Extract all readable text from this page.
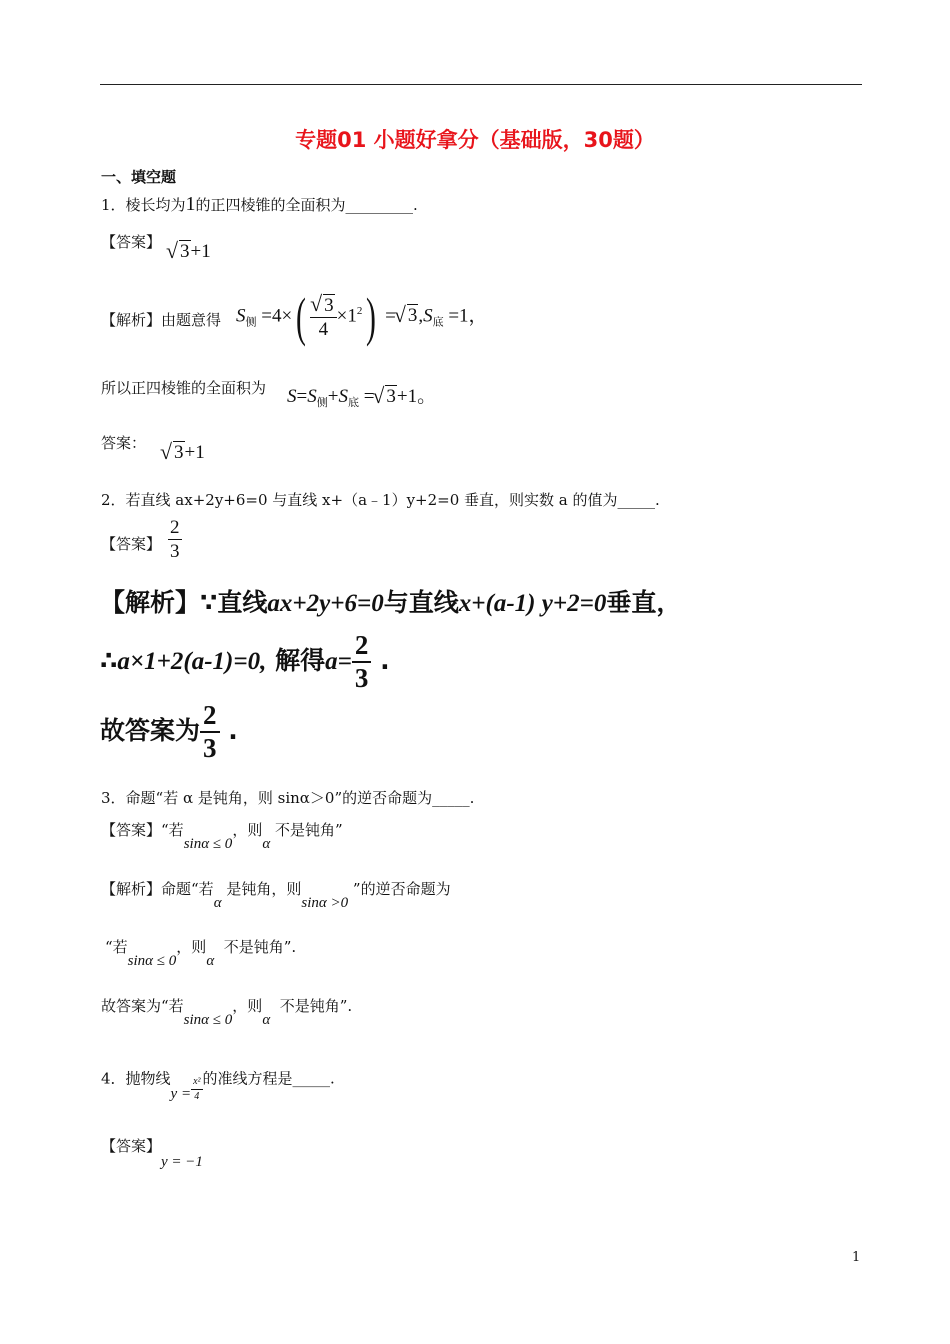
专题01 小题好拿分（基础版，30题）
一、填空题
1．棱长均为1的正四棱锥的全面积为_________.
【答案】 √ 3+1
【解析】由题意得 $S_侧 =4\times$( √ $\frac{3}{4} \times 1^2$) = √ $3,S_底 =1$，
所以正四棱锥的全面积为 $S=S_侧+S_底$ = √ 3+1。
答案：	√ 3+1
2．若直线 ax+2y+6=0 与直线 x+（a﹣1）y+2=0 垂直，则实数 a 的值为_____.
【答案】 $\frac{2}{3}$
【解析】∵直线ax+2y+6=0与直线x+(a-1) y+2=0垂直，
∴a×1+2(a-1)=0, 解得$a= \frac{2}{3}$ .
故答案为 $\frac{2}{3}$ .
3．命题“若 α 是钝角，则 sinα＞0”的逆否命题为_____.
【答案】“若sinα ≤ 0，则α 不是钝角”
【解析】命题“若α 是钝角，则sinα >0 ”的逆否命题为
“若sinα ≤ 0，则α  不是钝角”.
故答案为“若sinα ≤ 0，则α  不是钝角”.
4．抛物线$y = \frac{\text{x²}}{4}$ 的准线方程是_____.
【答案】y = −1
1
